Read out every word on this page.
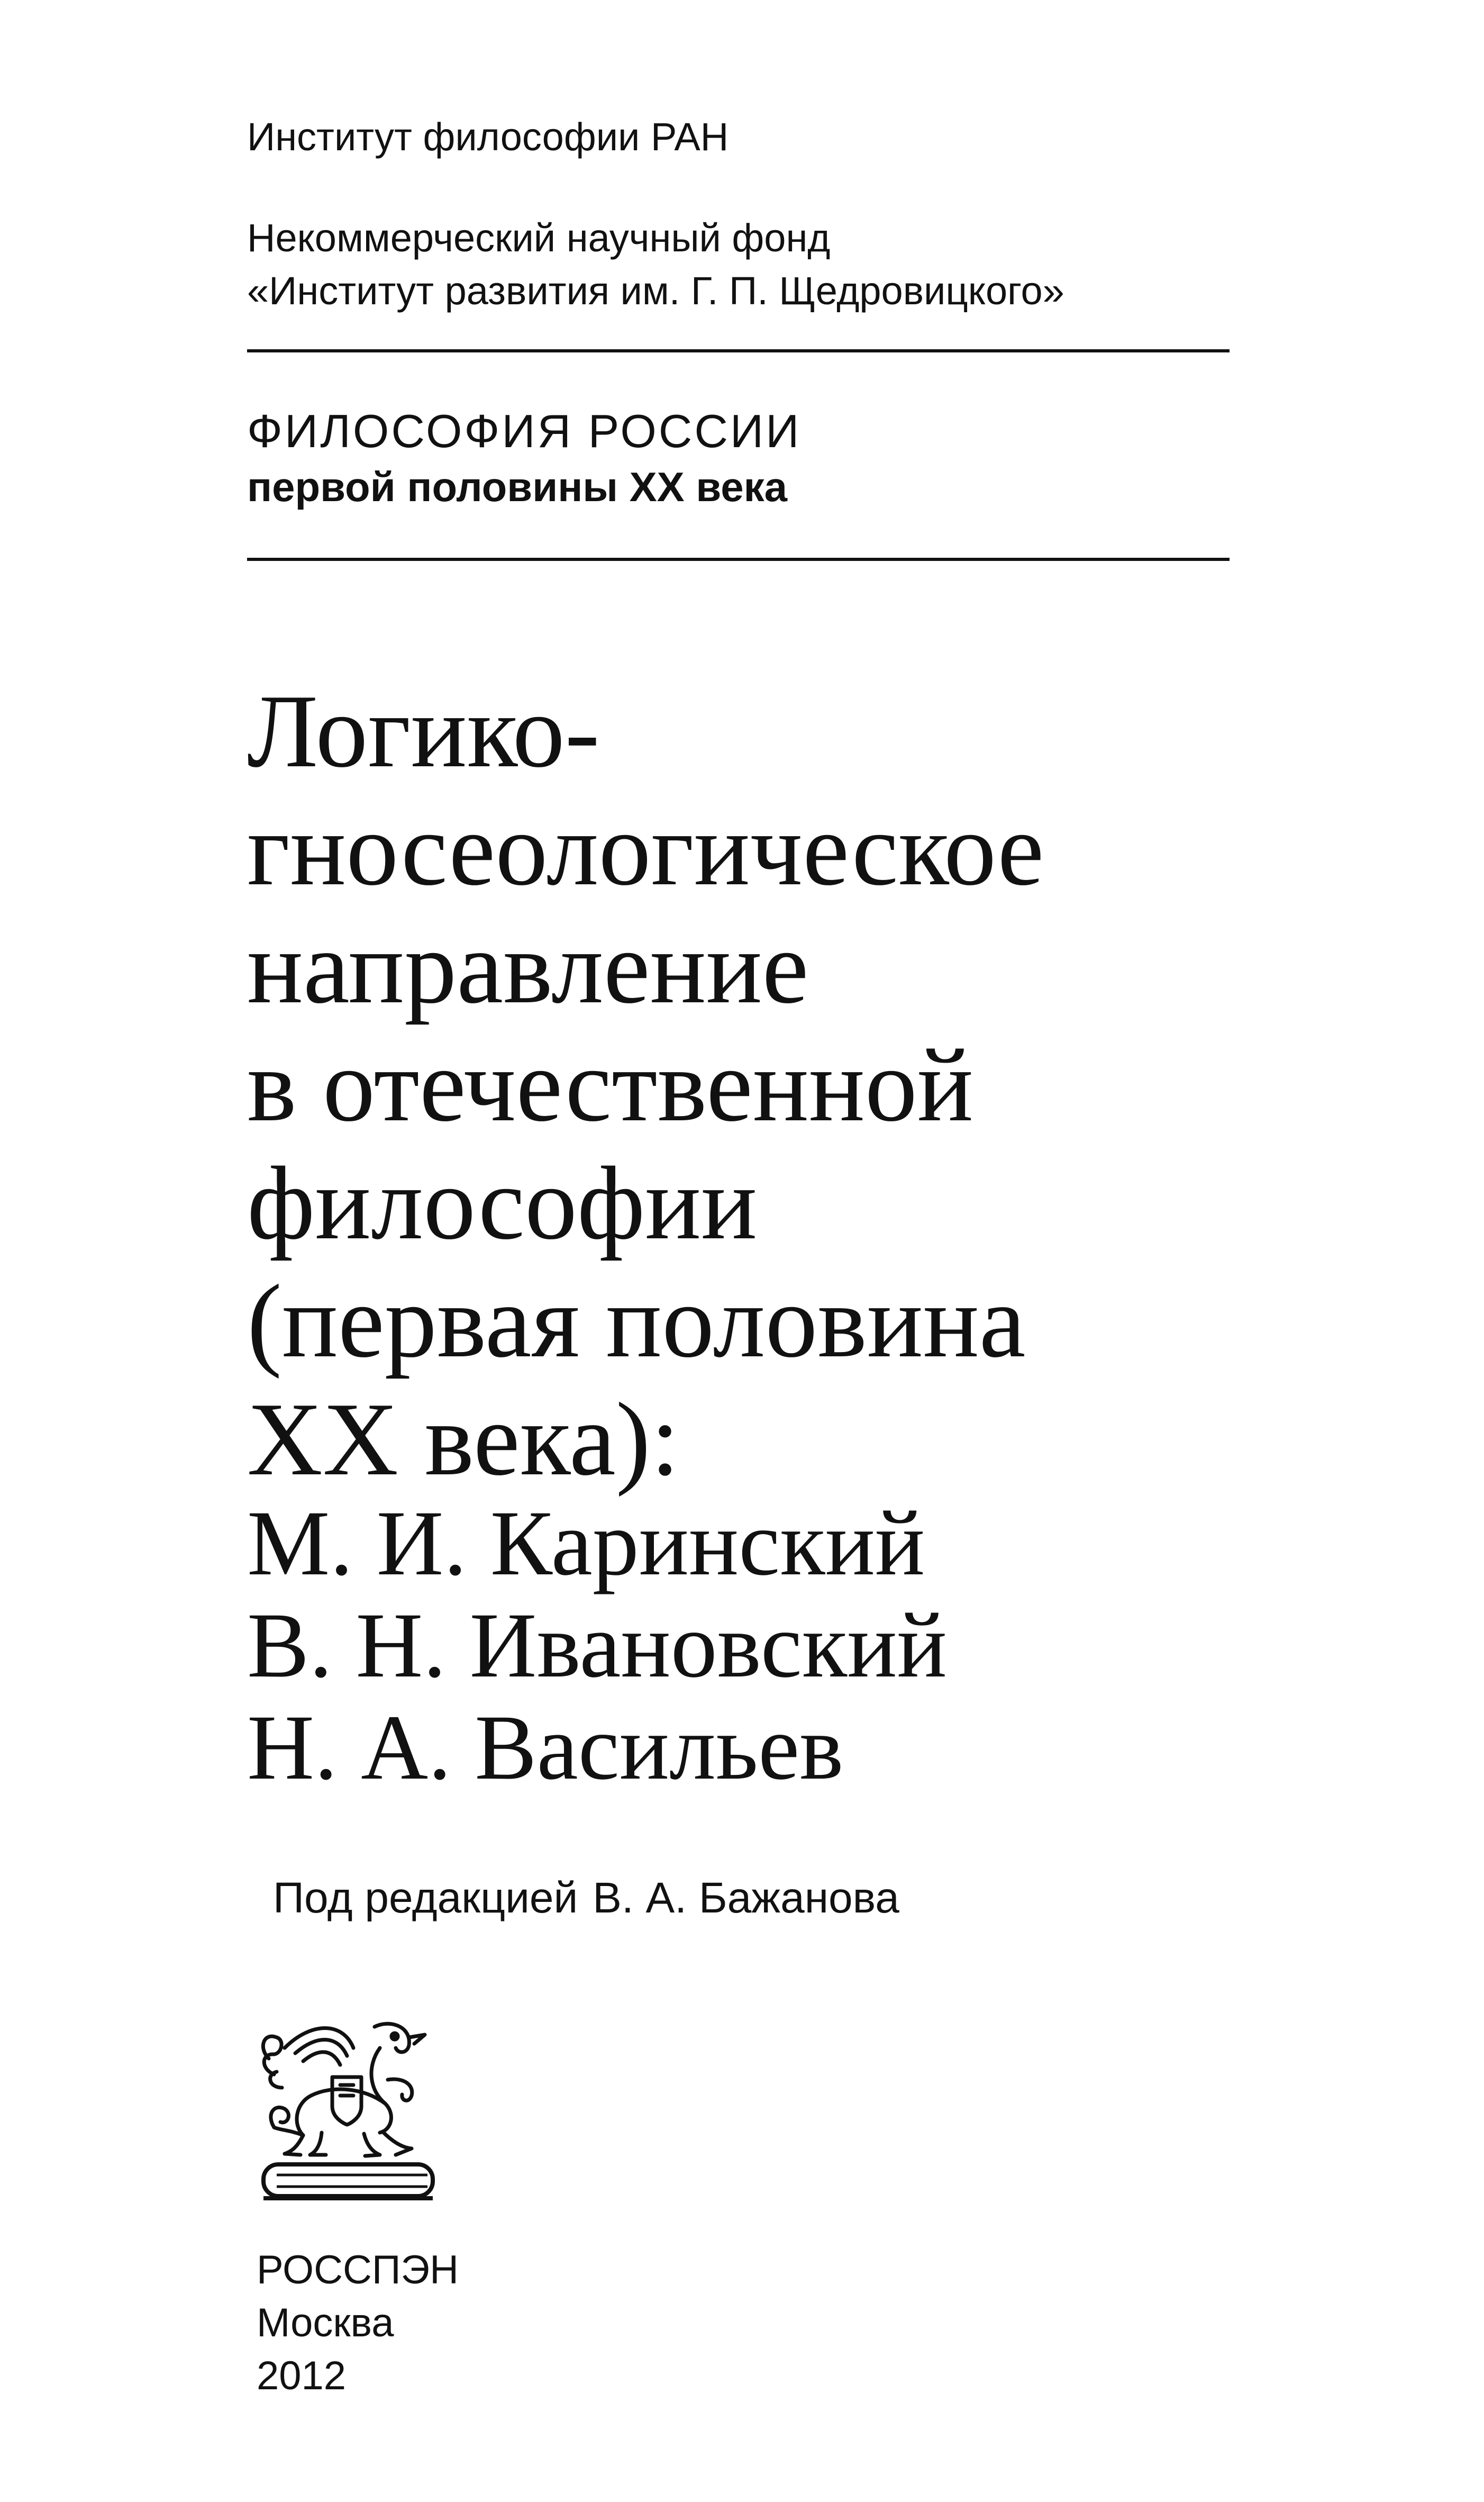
Институт философии РАН
Некоммерческий научный фонд
«Институт развития им. Г. П. Щедровицкого»
ФИЛОСОФИЯ РОССИИ
первой половины XX века
Логико-
гносеологическое
направление
в отечественной
философии
(первая половина
XX века):
М. И. Каринский
В. Н. Ивановский
Н. А. Васильев
Под редакцией В. А. Бажанова
РОССПЭН
Москва
2012
